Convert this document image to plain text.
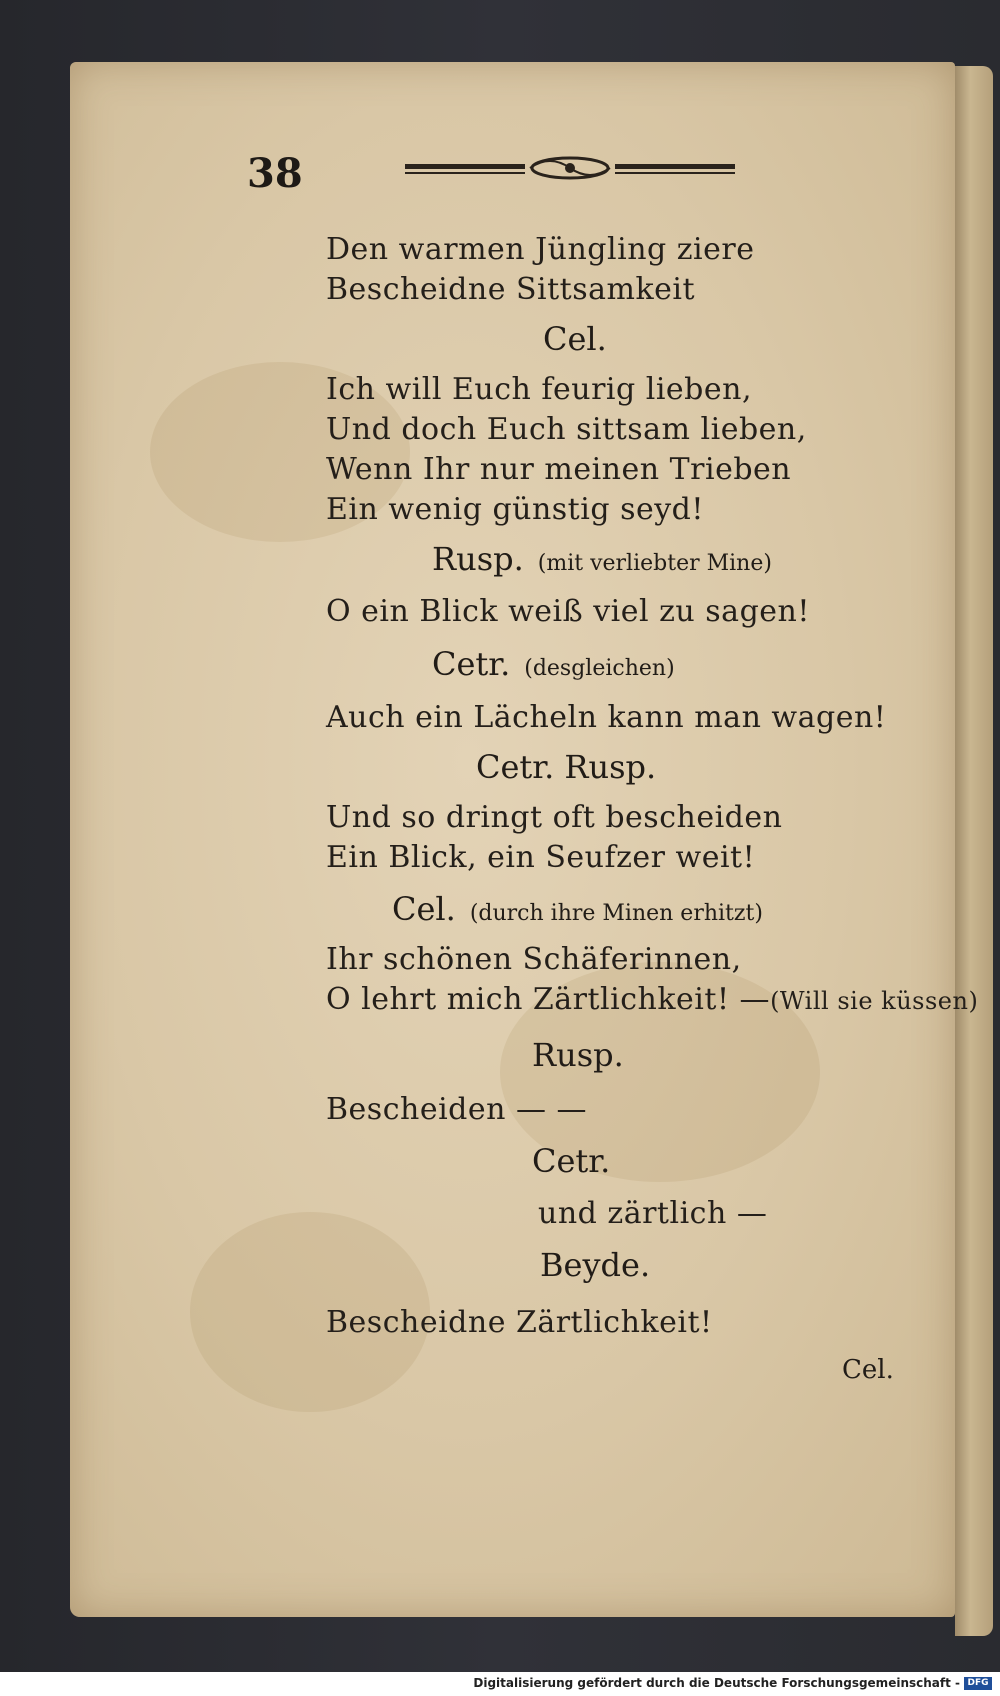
38
Den warmen Jüngling ziere
Bescheidne Sittsamkeit
Cel.
Ich will Euch feurig lieben,
Und doch Euch sittsam lieben,
Wenn Ihr nur meinen Trieben
Ein wenig günstig seyd!
Rusp. (mit verliebter Mine)
O ein Blick weiß viel zu sagen!
Cetr. (desgleichen)
Auch ein Lächeln kann man wagen!
Cetr. Rusp.
Und so dringt oft bescheiden
Ein Blick, ein Seufzer weit!
Cel. (durch ihre Minen erhitzt)
Ihr schönen Schäferinnen,
O lehrt mich Zärtlichkeit! —(Will sie küssen)
Rusp.
Bescheiden — —
Cetr.
und zärtlich —
Beyde.
Bescheidne Zärtlichkeit!
Cel.
Digitalisierung gefördert durch die Deutsche Forschungsgemeinschaft - DFG
